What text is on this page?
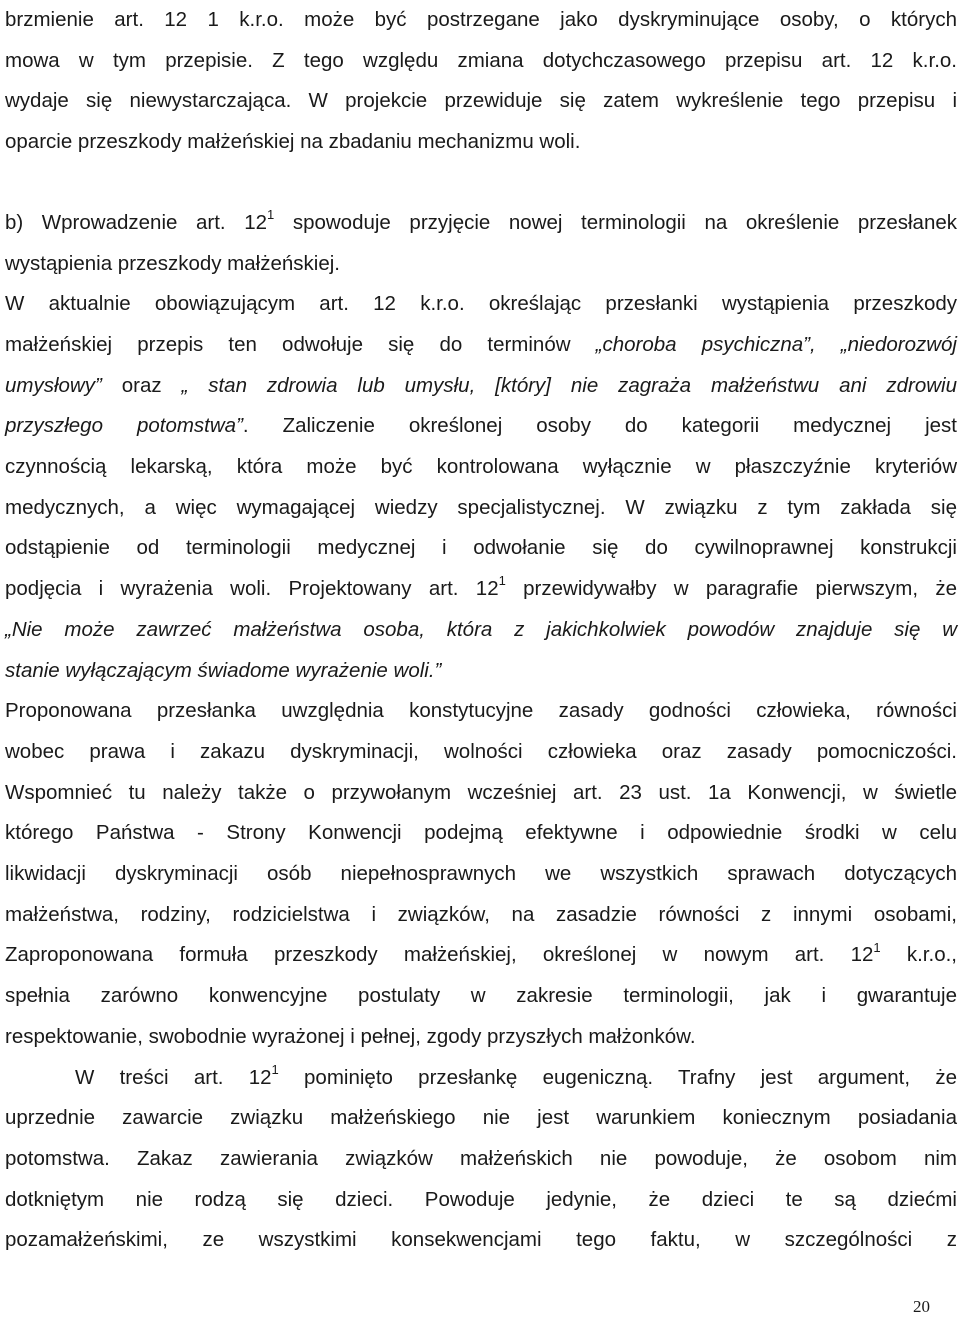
brzmienie art. 12 1 k.r.o. może być postrzegane jako dyskryminujące osoby, o których
mowa w tym przepisie. Z tego względu zmiana dotychczasowego przepisu art. 12 k.r.o.
wydaje się niewystarczająca. W projekcie przewiduje się zatem wykreślenie tego przepisu i
oparcie przeszkody małżeńskiej na zbadaniu mechanizmu woli.

b) Wprowadzenie art. $12^1$ spowoduje przyjęcie nowej terminologii na określenie przesłanek
wystąpienia przeszkody małżeńskiej.

W aktualnie obowiązującym art. 12 k.r.o. określając przesłanki wystąpienia przeszkody
małżeńskiej przepis ten odwołuje się do terminów „choroba psychiczna”, „niedorozwój
umysłowy” oraz „ stan zdrowia lub umysłu, [który] nie zagraża małżeństwu ani zdrowiu
przyszłego potomstwa”. Zaliczenie określonej osoby do kategorii medycznej jest
czynnością lekarską, która może być kontrolowana wyłącznie w płaszczyźnie kryteriów
medycznych, a więc wymagającej wiedzy specjalistycznej. W związku z tym zakłada się
odstąpienie od terminologii medycznej i odwołanie się do cywilnoprawnej konstrukcji
podjęcia i wyrażenia woli. Projektowany art. $12^1$ przewidywałby w paragrafie pierwszym, że
„Nie może zawrzeć małżeństwa osoba, która z jakichkolwiek powodów znajduje się w
stanie wyłączającym świadome wyrażenie woli.”

Proponowana przesłanka uwzględnia konstytucyjne zasady godności człowieka, równości
wobec prawa i zakazu dyskryminacji, wolności człowieka oraz zasady pomocniczości.
Wspomnieć tu należy także o przywołanym wcześniej art. 23 ust. 1a Konwencji, w świetle
którego Państwa - Strony Konwencji podejmą efektywne i odpowiednie środki w celu
likwidacji dyskryminacji osób niepełnosprawnych we wszystkich sprawach dotyczących
małżeństwa, rodziny, rodzicielstwa i związków, na zasadzie równości z innymi osobami,

Zaproponowana formuła przeszkody małżeńskiej, określonej w nowym art. $12^1$ k.r.o.,
spełnia zarówno konwencyjne postulaty w zakresie terminologii, jak i gwarantuje
respektowanie, swobodnie wyrażonej i pełnej, zgody przyszłych małżonków.

W treści art. $12^1$ pominięto przesłankę eugeniczną. Trafny jest argument, że
uprzednie zawarcie związku małżeńskiego nie jest warunkiem koniecznym posiadania
potomstwa. Zakaz zawierania związków małżeńskich nie powoduje, że osobom nim
dotkniętym nie rodzą się dzieci. Powoduje jedynie, że dzieci te są dziećmi
pozamałżeńskimi, ze wszystkimi konsekwencjami tego faktu, w szczególności z

20
